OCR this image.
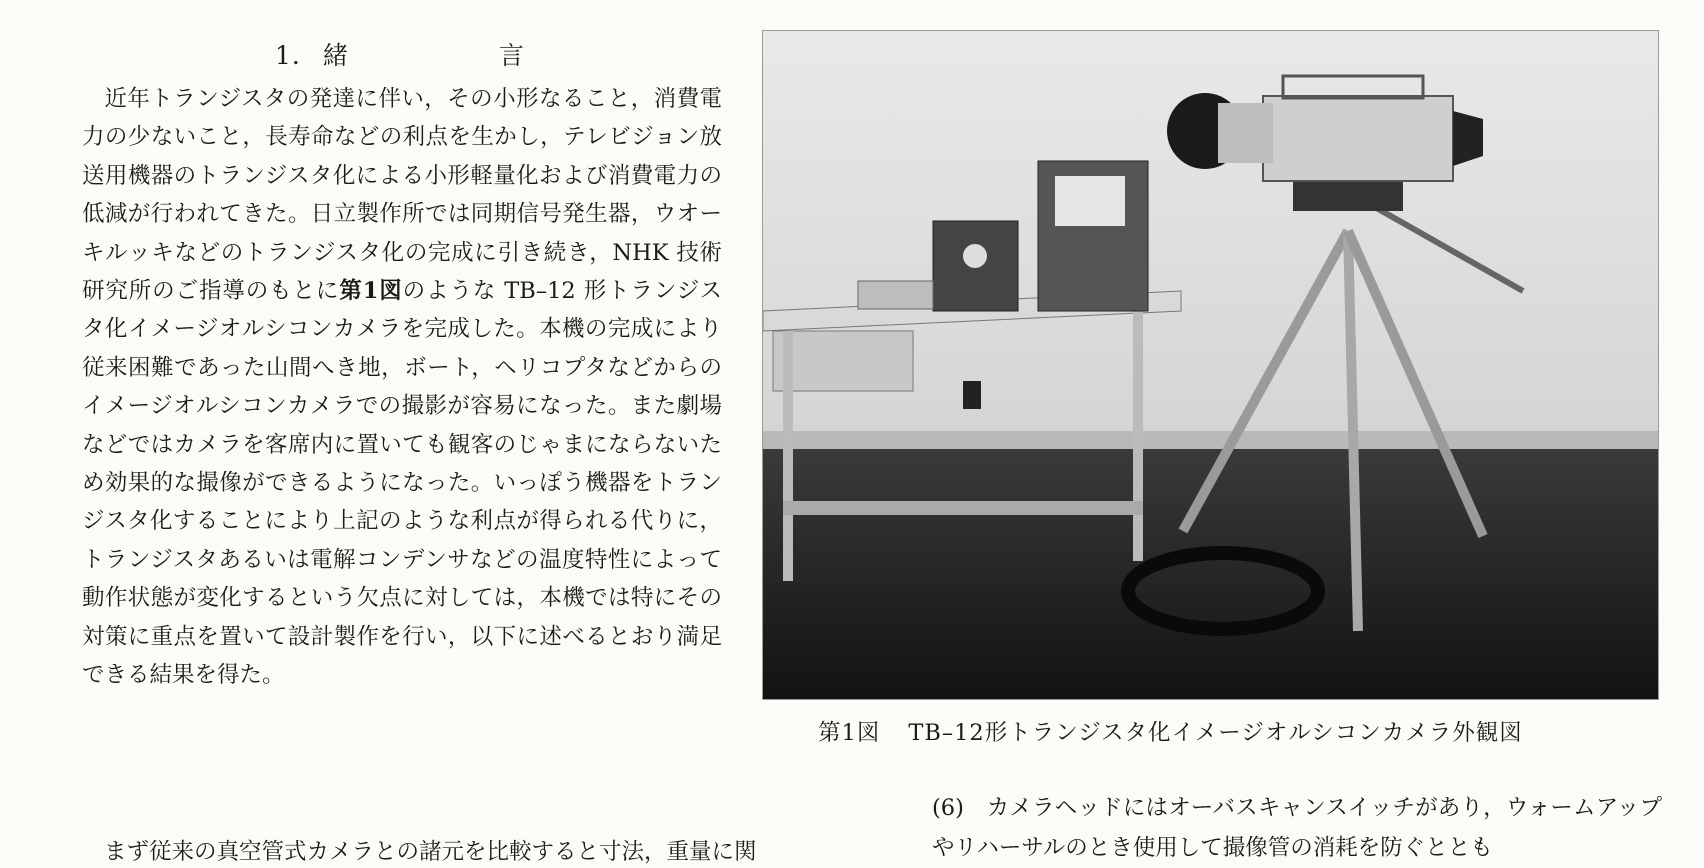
1. 緒	言

近年トランジスタの発達に伴い，その小形なること，消費電力の少ないこと，長寿命などの利点を生かし，テレビジョン放送用機器のトランジスタ化による小形軽量化および消費電力の低減が行われてきた。日立製作所では同期信号発生器，ウオーキルッキなどのトランジスタ化の完成に引き続き，NHK 技術研究所のご指導のもとに第1図のような TB–12 形トランジスタ化イメージオルシコンカメラを完成した。本機の完成により従来困難であった山間へき地，ボート，ヘリコプタなどからのイメージオルシコンカメラでの撮影が容易になった。また劇場などではカメラを客席内に置いても観客のじゃまにならないため効果的な撮像ができるようになった。いっぽう機器をトランジスタ化することにより上記のような利点が得られる代りに，トランジスタあるいは電解コンデンサなどの温度特性によって動作状態が変化するという欠点に対しては，本機では特にその対策に重点を置いて設計製作を行い，以下に述べるとおり満足できる結果を得た。

まず従来の真空管式カメラとの諸元を比較すると寸法，重量に関
第1図 TB–12形トランジスタ化イメージオルシコンカメラ外観図

(6)　カメラヘッドにはオーバスキャンスイッチがあり，ウォームアップやリハーサルのとき使用して撮像管の消耗を防ぐととも
